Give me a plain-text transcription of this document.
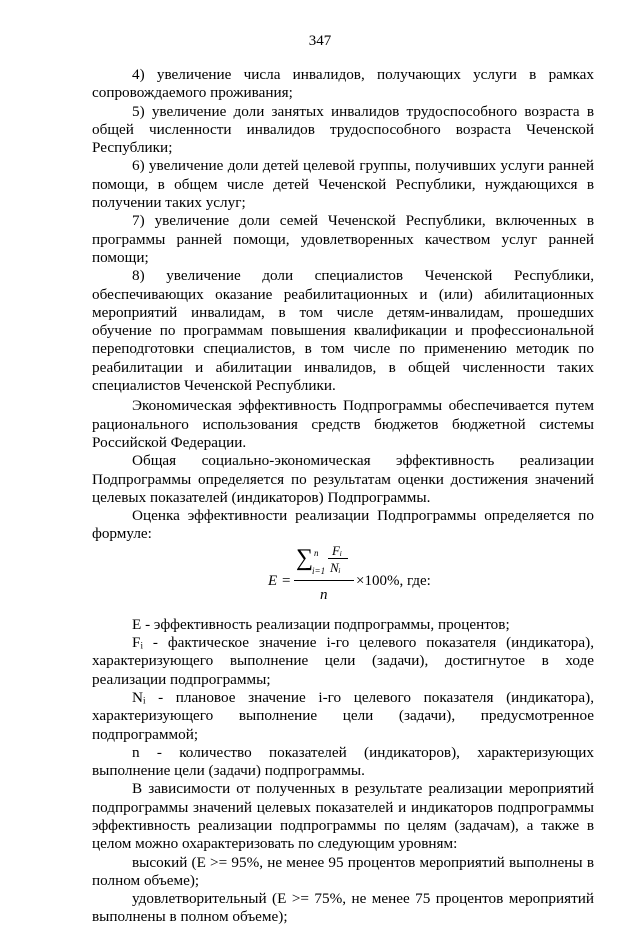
347

4) увеличение числа инвалидов, получающих услуги в рамках сопровождаемого проживания;

5) увеличение доли занятых инвалидов трудоспособного возраста в общей численности инвалидов трудоспособного возраста Чеченской Республики;

6) увеличение доли детей целевой группы, получивших услуги ранней помощи, в общем числе детей Чеченской Республики, нуждающихся в получении таких услуг;

7) увеличение доли семей Чеченской Республики, включенных в программы ранней помощи, удовлетворенных качеством услуг ранней помощи;

8) увеличение доли специалистов Чеченской Республики, обеспечивающих оказание реабилитационных и (или) абилитационных мероприятий инвалидам, в том числе детям-инвалидам, прошедших обучение по программам повышения квалификации и профессиональной переподготовки специалистов, в том числе по применению методик по реабилитации и абилитации инвалидов, в общей численности таких специалистов Чеченской Республики.

Экономическая эффективность Подпрограммы обеспечивается путем рационального использования средств бюджетов бюджетной системы Российской Федерации.

Общая социально-экономическая эффективность реализации Подпрограммы определяется по результатам оценки достижения значений целевых показателей (индикаторов) Подпрограммы.

Оценка эффективности реализации Подпрограммы определяется по формуле:

E =
∑ n
i=1
Fᵢ
Nᵢ
×100%, где:
n

Е - эффективность реализации подпрограммы, процентов;

Fᵢ - фактическое значение i-го целевого показателя (индикатора), характеризующего выполнение цели (задачи), достигнутое в ходе реализации подпрограммы;

Nᵢ - плановое значение i-го целевого показателя (индикатора), характеризующего выполнение цели (задачи), предусмотренное подпрограммой;

n - количество показателей (индикаторов), характеризующих выполнение цели (задачи) подпрограммы.

В зависимости от полученных в результате реализации мероприятий подпрограммы значений целевых показателей и индикаторов подпрограммы эффективность реализации подпрограммы по целям (задачам), а также в целом можно охарактеризовать по следующим уровням:

высокий (Е >= 95%, не менее 95 процентов мероприятий выполнены в полном объеме);

удовлетворительный (Е >= 75%, не менее 75 процентов мероприятий выполнены в полном объеме);
